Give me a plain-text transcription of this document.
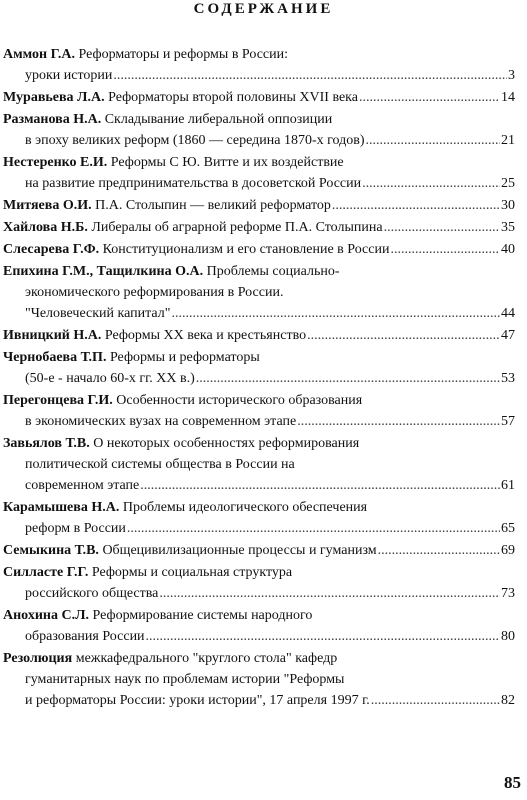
СОДЕРЖАНИЕ
Аммон Г.А.
Реформаторы и реформы в России:
уроки истории .....	3
Муравьева Л.А.
Реформаторы второй половины XVII века .....	14
Разманова Н.А.
Складывание либеральной оппозиции
в эпоху великих реформ (1860 — середина 1870-х годов) .....	21
Нестеренко Е.И.
Реформы С Ю. Витте и их воздействие
на развитие предпринимательства в досоветской России .....	25
Митяева О.И.
П.А. Столыпин — великий реформатор .....	30
Хайлова Н.Б.
Либералы об аграрной реформе П.А. Столыпина .....	35
Слесарева Г.Ф.
Конституционализм и его становление в России .....	40
Епихина Г.М., Тащилкина О.А.
Проблемы социально-
экономического реформирования в России.
"Человеческий капитал" .....	44
Ивницкий Н.А.
Реформы XX века и крестьянство .....	47
Чернобаева Т.П.
Реформы и реформаторы
(50-е - начало 60-х гг. XX в.) .....	53
Перегонцева Г.И.
Особенности исторического образования
в экономических вузах на современном этапе .....	57
Завьялов Т.В.
О некоторых особенностях реформирования
политической системы общества в России на
современном этапе .....	61
Карамышева Н.А.
Проблемы идеологического обеспечения
реформ в России .....	65
Семыкина Т.В.
Общецивилизационные процессы и гуманизм .....	69
Силласте Г.Г.
Реформы и социальная структура
российского общества .....	73
Анохина С.Л.
Реформирование системы народного
образования России .....	80
Резолюция
межкафедрального "круглого стола" кафедр
гуманитарных наук по проблемам истории "Реформы
и реформаторы России: уроки истории", 17 апреля 1997 г. .....	82
85
